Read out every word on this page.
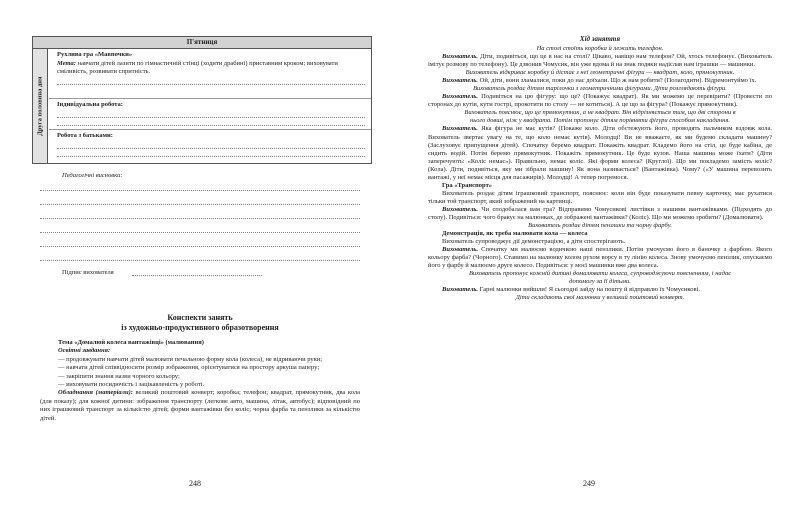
П'ятниця
Друга половина дня
Рухлива гра «Мавпочки»
Мета: навчати дітей лазити по гімнастичній стінці (ходити драбині) приставним кроком; виховувати сміливість, розвивати спритність.
Індивідуальна робота:
Робота з батьками:
Педагогічні висновки:
Підпис вихователя
Конспекти занять
із художньо-продуктивного образотворення
Тема «Домалюй колеса вантажівці» (малювання)
Освітні завдання:
— продовжувати навчати дітей малювати печальною форму кола (колеса), не відриваючи руки;
— навчати дітей співвідносити розмір зображення, орієнтуватися на простору аркуша паперу;
— закріпити знання назви чорного кольору;
— виховувати посидючість і зацікавленість у роботі.
Обладнання (матеріали): великий поштовий конверт; коробка; телефон; квадрат, прямокутник, два кола (для показу); для кожної дитини: зображення транспорту (легкове авто, машина, літак, автобус); відповідний по них іграшковий транспорт за кількістю дітей; форми вантажівки без коліс; чорна фарба та пензлики за кількістю дітей.
248
Хід заняття
На столі стоїть коробка й лежить телефон.
Вихователь. Діти, подивіться, що це в нас на столі? Цікаво, навіщо нам телефон? Ой, хтось телефонує. (Вихователь імітує розмову по телефону). Це дзвонив Чомусик, він уже вдома й на знак подяки надіслав нам іграшки — машинки.
Вихователь відкриває коробку й дістає з неї геометричні фігури — квадрат, коло, прямокутник.
Вихователь. Ой, діти, вони зламалися, поки до нас доїхали. Що ж нам робити? (Полагодити). Відремонтуймо їх.
Вихователь роздає дітям тарілочки з геометричними фігурами. Діти розглядають фігури.
Вихователь. Подивіться на цю фігуру: що це? (Покажує квадрат). Як ми можемо це перевірити? (Провести по сторонах до кутів, кути гострі, прокотити по столу — не котиться). А це що за фігура? (Покажує прямокутник).
Вихователь пояснює, що це прямокутник, а не квадрат. Він відрізняється тим, що дві сторони в нього довші, ніж у квадрата. Потім пропонує дітям порівняти фігури способом накладання.
Вихователь. Яка фігура не має кутів? (Покаже коло. Діти обстежують його, проводять пальчиком вздовж кола. Вихователь звертає увагу на те, що коло немає кутів). Молодці! Ви не вважаєте, як ми будемо складати машину? (Заслуховує припущення дітей). Спочатку беремо квадрат. Покажіть квадрат. Кладемо його на стіл, це буде кабіна, де сидить водій. Потім беремо прямокутник. Покажіть прямокутник. Це буде кузов. Наша машина може їхати? (Діти заперечують: «Коліс немає»). Правильно, немає коліс. Які форми колеса? (Круглої). Що ми покладемо замість коліс? (Кола). Діти, подивіться, яку ми зібрали машину! Як вона називається? (Вантажівка). Чому? («У машина перевозить вантажі, у неї немає місця для пасажирів). Молодці! А тепер погремося.
Гра «Транспорт»
Вихователь роздає дітям іграшковий транспорт, пояснює: коли він буде показувати певну карточку, має рухатися тільки той транспорт, який зображений на картинці.
Вихователь. Чи сподобалася вам гра? Відправимо Чомусикові листівки з нашими вантажівками. (Підходять до столу). Подивіться: чого бракує на малюнках, де зображені вантажівки? (Коліс). Що ми можемо зробити? (Домалювати).
Вихователь роздає дітям пензлики та чорну фарбу.
Демонстрація, як треба малювати кола — колеса
Вихователь супроводжує дії демонстрацією, а діти спостерігають.
Вихователь. Спочатку ми малюємо водичкою наші пензлики. Потім умочуємо його в баночку з фарбою. Якого кольору фарба? (Чорного). Ставимо на малюнку колом рухом ворсу в ту лінію колеса. Знову умочуємо пензлик, опускаємо його у фарбу й малюємо друге колесо. Подивіться: у моєї машинки вже два колеса.
Вихователь пропонує кожній дитині домалювати колеса, супроводжуючи поясненням, і надає допомогу за її дітьми.
Вихователь. Гарні малюнки вийшли! Я сьогодні зайду на пошту й відправлю їх Чомусикові.
Діти складають свої малюнки у великий поштовий конверт.
249
